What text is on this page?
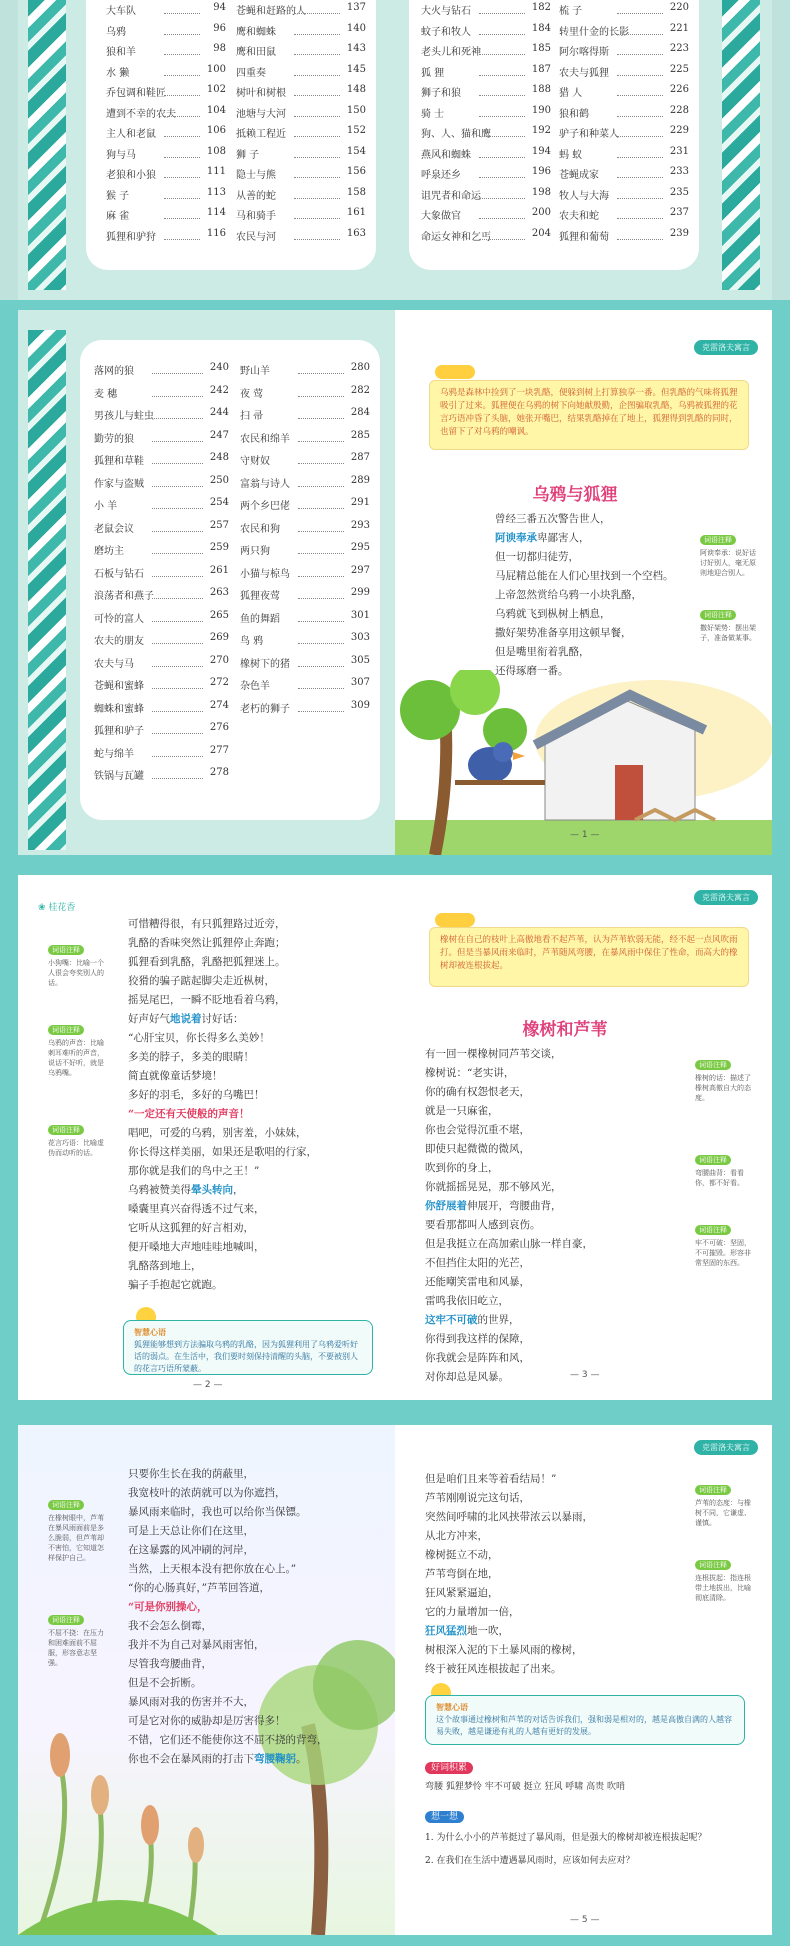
大车队	94
乌鸦	96
狼和羊	98
水 獭	100
乔包调和鞋匠	102
遭到不幸的农夫	104
主人和老鼠	106
狗与马	108
老狼和小狼	111
猴 子	113
麻 雀	114
狐狸和驴狩	116
苍蝇和赶路的人	137
鹰和蜘蛛	140
鹰和田鼠	143
四重奏	145
树叶和树根	148
池塘与大河	150
抵赖工程近	152
狮 子	154
隐士与熊	156
从善的蛇	158
马和骑手	161
农民与河	163
大火与钻石	182
蚊子和牧人	184
老头儿和死神	185
狐 狸	187
狮子和狼	188
骑 士	190
狗、人、猫和鹰	192
燕风和蜘蛛	194
呼泉还乡	196
诅咒者和命运	198
大象做官	200
命运女神和乞丐	204
梳 子	220
转里什金的长影	221
阿尔喀得斯	223
农夫与狐狸	225
猎 人	226
狼和鹤	228
驴子和种菜人	229
蚂 蚁	231
苍蝇成家	233
牧人与大海	235
农夫和蛇	237
狐狸和葡萄	239
落网的狼	240
麦 穗	242
男孩儿与蛀虫	244
勤劳的狼	247
狐狸和草鞋	248
作家与盗贼	250
小 羊	254
老鼠会议	257
磨坊主	259
石板与钻石	261
浪荡者和燕子	263
可怜的富人	265
农夫的朋友	269
农夫与马	270
苍蝇和蜜蜂	272
蜘蛛和蜜蜂	274
狐狸和驴子	276
蛇与绵羊	277
铁锅与瓦罐	278
野山羊	280
夜 莺	282
扫 帚	284
农民和绵羊	285
守财奴	287
富翁与诗人	289
两个乡巴佬	291
农民和狗	293
两只狗	295
小猫与椋鸟	297
狐狸夜莺	299
鱼的舞蹈	301
鸟 鸦	303
橡树下的猪	305
杂色羊	307
老朽的狮子	309
克雷洛夫寓言
乌鸦是森林中捡到了一块乳酪，便躲到树上打算独享一番。但乳酪的气味将狐狸吸引了过来。狐狸便在乌鸦的树下向她献殷勤，企图骗取乳酪，乌鸦被狐狸的花言巧语冲昏了头脑，她张开嘴巴，结果乳酪掉在了地上，狐狸得到乳酪的同时，也留下了对乌鸦的嘲讽。
乌鸦与狐狸
曾经三番五次警告世人，
阿谀奉承卑鄙害人，
但一切都归徒劳，
马屁精总能在人们心里找到一个空档。
上帝忽然赏给乌鸦一小块乳酪，
乌鸦就飞到枞树上栖息，
撒好架势准备享用这顿早餐，
但是嘴里衔着乳酪，
还得琢磨一番。
词语注释
阿谀奉承：说好话讨好别人，毫无原则地迎合别人。
词语注释
撒好架势：摆出架子，准备做某事。
— 1 —
❀ 桂花香
词语注释
小狗嘴：比喻一个人很会夸奖别人的话。
词语注释
乌鸦的声音：比喻刺耳难听的声音，说话不好听，就是乌鸦嘴。
词语注释
花言巧语：比喻虚伪而动听的话。
可惜糟得很，有只狐狸路过近旁，
乳酪的香味突然让狐狸停止奔跑；
狐狸看到乳酪，乳酪把狐狸迷上。
狡猾的骗子踮起脚尖走近枞树，
摇晃尾巴，一瞬不眨地看着乌鸦，
好声好气地说着讨好话：
“心肝宝贝，你长得多么美妙！
多美的脖子，多美的眼睛！
简直就像童话梦境！
多好的羽毛，多好的乌嘴巴！
“一定还有天使般的声音！
唱吧，可爱的乌鸦，别害羞，小妹妹，
你长得这样美丽，如果还是歌唱的行家，
那你就是我们的鸟中之王！”
乌鸦被赞美得晕头转向，
嗓囊里真兴奋得透不过气来，
它听从这狐狸的好言相劝，
便开嗓地大声地哇哇地喊叫，
乳酪落到地上，
骗子手抱起它就跑。
智慧心语
狐狸能够想到方法骗取乌鸦的乳酪，因为狐狸利用了乌鸦爱听好话的弱点。在生活中，我们要时刻保持清醒的头脑，不要被别人的花言巧语所蒙蔽。
— 2 —
克雷洛夫寓言
橡树在自己的枝叶上高傲地看不起芦苇，认为芦苇软弱无能，经不起一点风吹雨打。但是当暴风雨来临时，芦苇随风弯腰，在暴风雨中保住了性命，而高大的橡树却被连根拔起。
橡树和芦苇
有一回一棵橡树同芦苇交谈，
橡树说：“老实讲，
你的确有权怨恨老天，
就是一只麻雀，
你也会觉得沉重不堪，
即使只起微微的微风，
吹到你的身上，
你就摇摇晃晃，那不够风光，
你舒展着伸展开，弯腰曲背，
要看那都叫人感到哀伤。
但是我挺立在高加索山脉一样自豪，
不但挡住太阳的光芒，
还能嘲笑雷电和风暴，
雷鸣我依旧屹立，
这牢不可破的世界，
你得到我这样的保障，
你我就会是阵阵和风，
对你却总是风暴。
词语注释
橡树的话：描述了橡树高傲自大的态度。
词语注释
弯腰曲背：看看你，都不好看。
词语注释
牢不可破：坚固，不可摧毁。形容非常坚固的东西。
— 3 —
词语注释
在橡树眼中，芦苇在暴风雨面前是多么脆弱，但芦苇却不害怕，它知道怎样保护自己。
词语注释
不屈不挠：在压力和困难面前不屈服，形容意志坚强。
只要你生长在我的荫蔽里，
我宽枝叶的浓荫就可以为你遮挡，
暴风雨来临时，我也可以给你当保镖。
可是上天总让你们在这里，
在这暴露的风冲刷的河岸，
当然，上天根本没有把你放在心上。”
“你的心肠真好，”芦苇回答道，
“可是你别操心，
我不会怎么倒霉，
我并不为自己对暴风雨害怕，
尽管我弯腰曲背，
但是不会折断。
暴风雨对我的伤害并不大，
可是它对你的威胁却是厉害得多！
不错，它们还不能使你这不屈不挠的背弯，
你也不会在暴风雨的打击下弯腰鞠躬。
克雷洛夫寓言
但是咱们且来等着看结局！”
芦苇刚刚说完这句话，
突然间呼啸的北风挟带浓云以暴雨，
从北方冲来，
橡树挺立不动，
芦苇弯倒在地，
狂风紧紧逼迫，
它的力量增加一倍，
狂风猛烈地一吹，
树根深入泥的下土暴风雨的橡树，
终于被狂风连根拔起了出来。
词语注释
芦苇的态度：与橡树不同，它谦虚、谨慎。
词语注释
连根拔起：指连根带土地拔出，比喻彻底清除。
智慧心语
这个故事通过橡树和芦苇的对话告诉我们，强和弱是相对的，越是高傲自满的人越容易失败，越是谦逊有礼的人越有更好的发展。
好词积累
弯腰 狐狸梦怜 牢不可破 挺立 狂风 呼啸 高贵 吹哨
想一想
1. 为什么小小的芦苇挺过了暴风雨，但是强大的橡树却被连根拔起呢？
2. 在我们在生活中遭遇暴风雨时，应该如何去应对？
— 5 —
